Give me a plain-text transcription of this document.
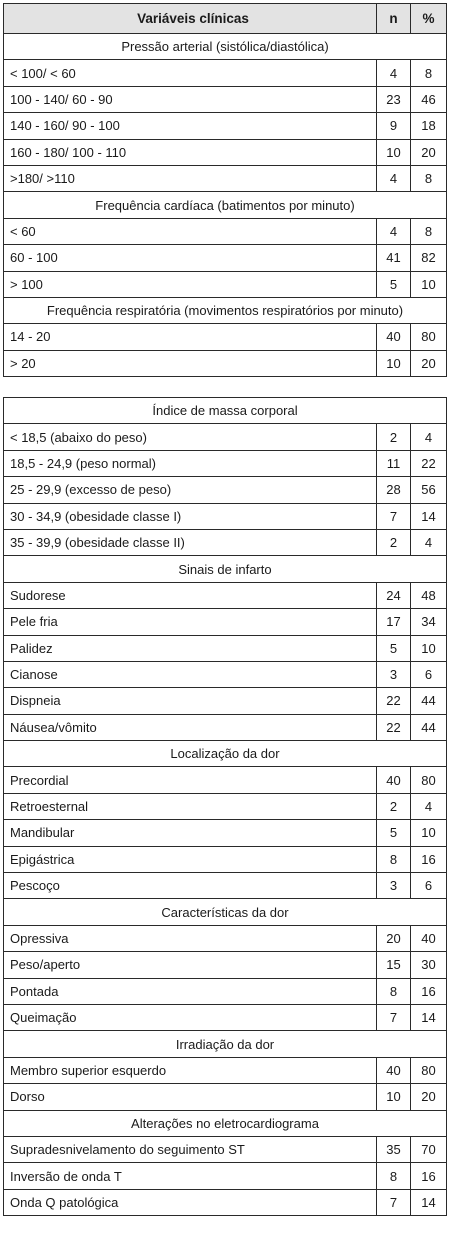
Variáveis clínicas	n	%
Pressão arterial (sistólica/diastólica)		
< 100/ < 60	4	8
100 - 140/ 60 - 90	23	46
140 - 160/ 90 - 100	9	18
160 - 180/ 100 - 110	10	20
>180/ >110	4	8
Frequência cardíaca (batimentos por minuto)		
< 60	4	8
60 - 100	41	82
> 100	5	10
Frequência respiratória (movimentos respiratórios por minuto)		
14 - 20	40	80
> 20	10	20
Índice de massa corporal		
< 18,5 (abaixo do peso)	2	4
18,5 - 24,9 (peso normal)	11	22
25 - 29,9 (excesso de peso)	28	56
30 - 34,9 (obesidade classe I)	7	14
35 - 39,9 (obesidade classe II)	2	4
Sinais de infarto		
Sudorese	24	48
Pele fria	17	34
Palidez	5	10
Cianose	3	6
Dispneia	22	44
Náusea/vômito	22	44
Localização da dor		
Precordial	40	80
Retroesternal	2	4
Mandibular	5	10
Epigástrica	8	16
Pescoço	3	6
Características da dor		
Opressiva	20	40
Peso/aperto	15	30
Pontada	8	16
Queimação	7	14
Irradiação da dor		
Membro superior esquerdo	40	80
Dorso	10	20
Alterações no eletrocardiograma		
Supradesnivelamento do seguimento ST	35	70
Inversão de onda T	8	16
Onda Q patológica	7	14
